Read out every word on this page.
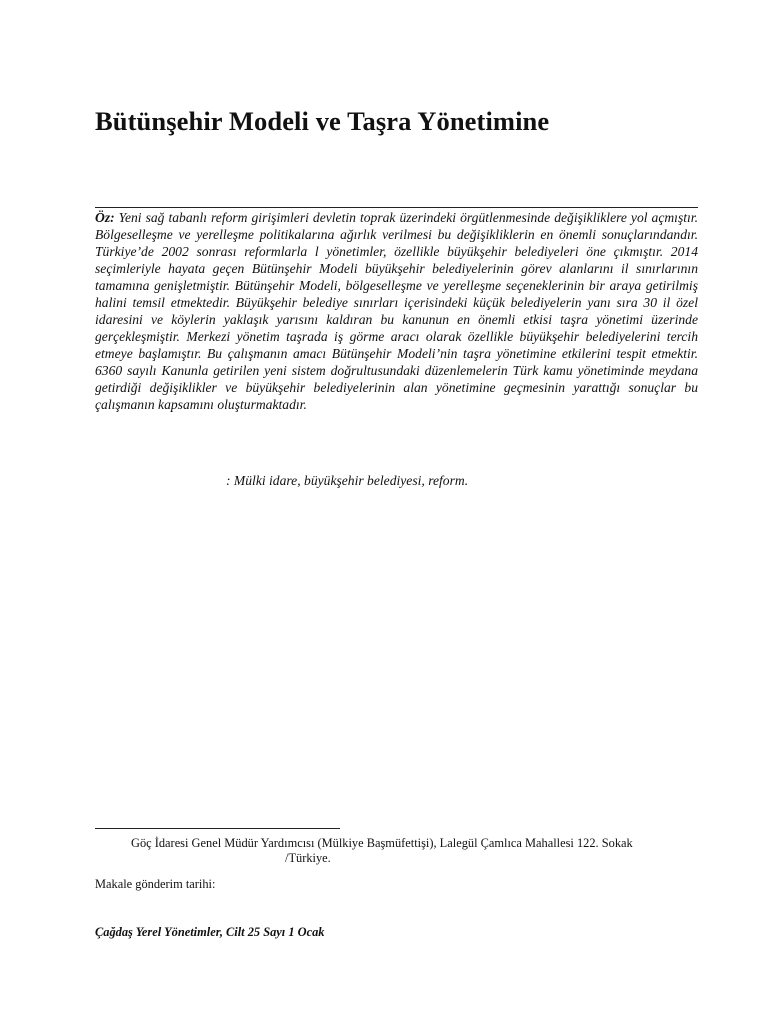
Bütünşehir Modeli ve Taşra Yönetimine

Öz: Yeni sağ tabanlı reform girişimleri devletin toprak üzerindeki örgütlenmesinde değişikliklere yol açmıştır. Bölgeselleşme ve yerelleşme politikalarına ağırlık verilmesi bu değişikliklerin en önemli sonuçlarındandır. Türkiye’de 2002 sonrası reformlarla l yönetimler, özellikle büyükşehir belediyeleri öne çıkmıştır. 2014 seçimleriyle hayata geçen Bütünşehir Modeli büyükşehir belediyelerinin görev alanlarını il sınırlarının tamamına genişletmiştir. Bütünşehir Modeli, bölgeselleşme ve yerelleşme seçeneklerinin bir araya getirilmiş halini temsil etmektedir. Büyükşehir belediye sınırları içerisindeki küçük belediyelerin yanı sıra 30 il özel idaresini ve köylerin yaklaşık yarısını kaldıran bu kanunun en önemli etkisi taşra yönetimi üzerinde gerçekleşmiştir. Merkezi yönetim taşrada iş görme aracı olarak özellikle büyükşehir belediyelerini tercih etmeye başlamıştır. Bu çalışmanın amacı Bütünşehir Modeli’nin taşra yönetimine etkilerini tespit etmektir. 6360 sayılı Kanunla getirilen yeni sistem doğrultusundaki düzenlemelerin Türk kamu yönetiminde meydana getirdiği değişiklikler ve büyükşehir belediyelerinin alan yönetimine geçmesinin yarattığı sonuçlar bu çalışmanın kapsamını oluşturmaktadır.

: Mülki idare, büyükşehir belediyesi, reform.

Göç İdaresi Genel Müdür Yardımcısı (Mülkiye Başmüfettişi), Lalegül Çamlıca Mahallesi 122. Sokak
/Türkiye.

Makale gönderim tarihi:

Çağdaş Yerel Yönetimler, Cilt 25 Sayı 1 Ocak
